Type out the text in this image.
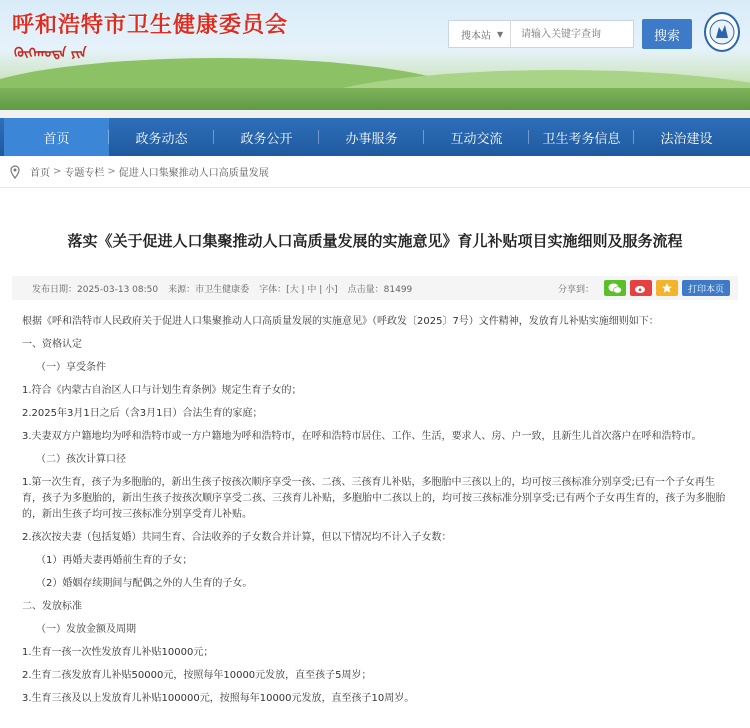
呼和浩特市卫生健康委员会
ᠬᠥᠬᠡᠬᠣᠲᠠ ᠶᠢᠨ
搜本站 ▼
请输入关键字查询	搜索
首页	政务动态	政务公开	办事服务	互动交流	卫生考务信息	法治建设
首页 > 专题专栏 > 促进人口集聚推动人口高质量发展
落实《关于促进人口集聚推动人口高质量发展的实施意见》育儿补贴项目实施细则及服务流程
发布日期：2025-03-13 08:50 来源：市卫生健康委 字体：[大 | 中 | 小] 点击量：81499	分享到：	打印本页

根据《呼和浩特市人民政府关于促进人口集聚推动人口高质量发展的实施意见》（呼政发〔2025〕7号）文件精神，发放育儿补贴实施细则如下：

一、资格认定

（一）享受条件

1.符合《内蒙古自治区人口与计划生育条例》规定生育子女的；

2.2025年3月1日之后（含3月1日）合法生育的家庭；

3.夫妻双方户籍地均为呼和浩特市或一方户籍地为呼和浩特市，在呼和浩特市居住、工作、生活，要求人、房、户一致，且新生儿首次落户在呼和浩特市。

（二）孩次计算口径

1.第一次生育，孩子为多胞胎的，新出生孩子按孩次顺序享受一孩、二孩、三孩育儿补贴，多胞胎中三孩以上的，均可按三孩标准分别享受;已有一个子女再生育，孩子为多胞胎的，新出生孩子按孩次顺序享受二孩、三孩育儿补贴，多胞胎中二孩以上的，均可按三孩标准分别享受;已有两个子女再生育的，孩子为多胞胎的，新出生孩子均可按三孩标准分别享受育儿补贴。

2.孩次按夫妻（包括复婚）共同生育、合法收养的子女数合并计算，但以下情况均不计入子女数：

（1）再婚夫妻再婚前生育的子女；

（2）婚姻存续期间与配偶之外的人生育的子女。

二、发放标准

（一）发放金额及周期

1.生育一孩一次性发放育儿补贴10000元；

2.生育二孩发放育儿补贴50000元，按照每年10000元发放，直至孩子5周岁；

3.生育三孩及以上发放育儿补贴100000元，按照每年10000元发放，直至孩子10周岁。
